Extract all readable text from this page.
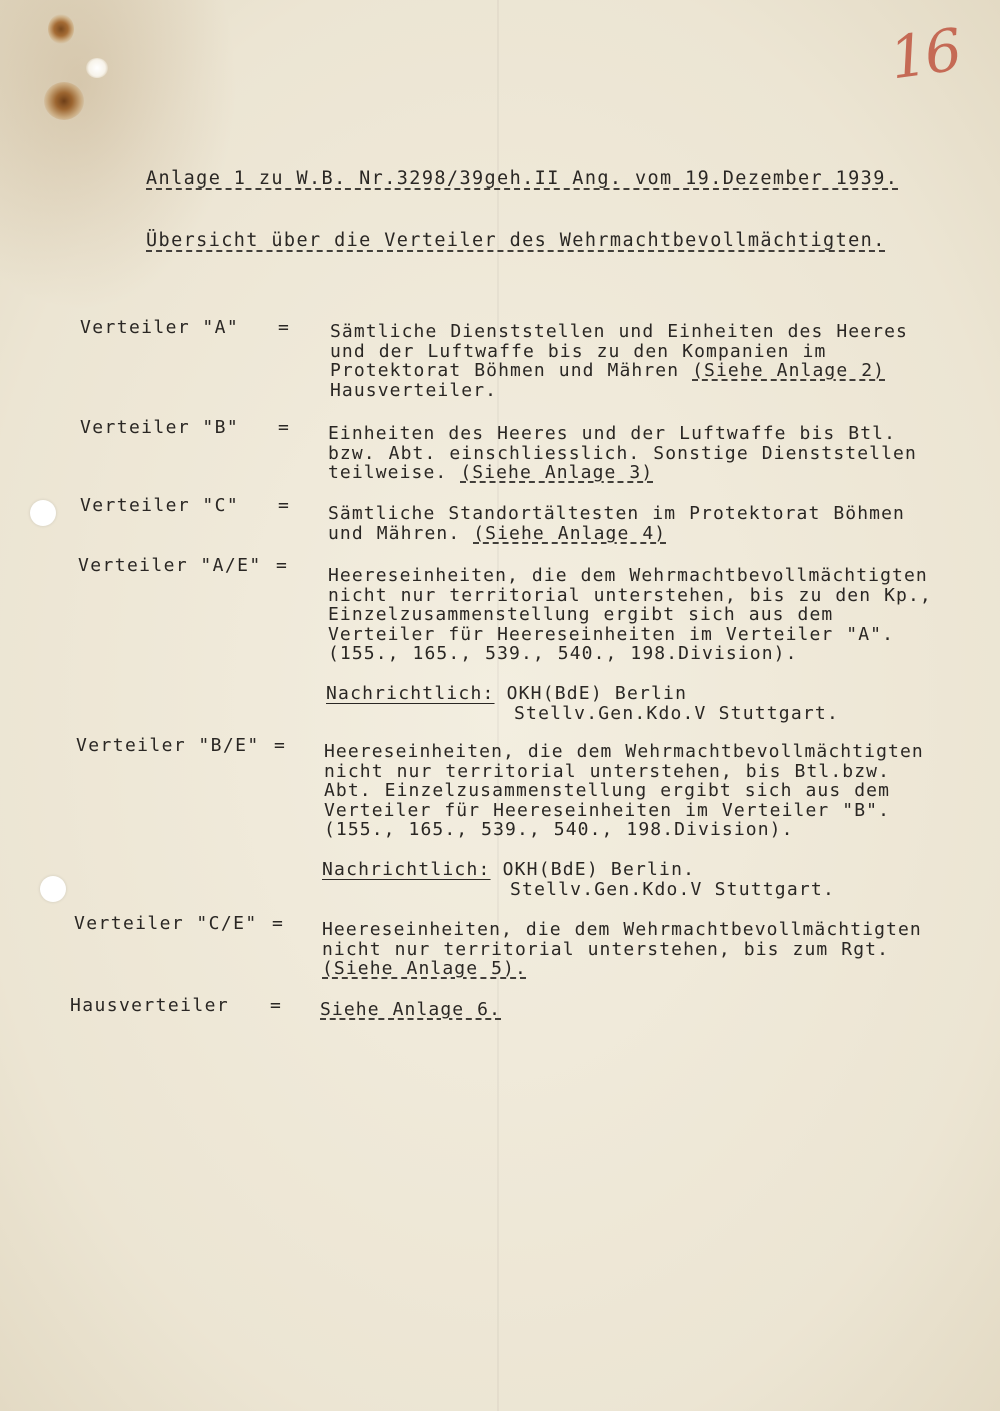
16
Anlage 1 zu W.B. Nr.3298/39geh.II Ang. vom 19.Dezember 1939.
Übersicht über die Verteiler des Wehrmachtbevollmächtigten.
Verteiler "A" = Sämtliche Dienststellen und Einheiten des Heeres und der Luftwaffe bis zu den Kompanien im Protektorat Böhmen und Mähren (Siehe Anlage 2) Hausverteiler.
Verteiler "B" = Einheiten des Heeres und der Luftwaffe bis Btl. bzw. Abt. einschliesslich. Sonstige Dienststellen teilweise. (Siehe Anlage 3)
Verteiler "C" = Sämtliche Standortältesten im Protektorat Böhmen und Mähren. (Siehe Anlage 4)
Verteiler "A/E" = Heereseinheiten, die dem Wehrmachtbevollmächtigten nicht nur territorial unterstehen, bis zu den Kp., Einzelzusammenstellung ergibt sich aus dem Verteiler für Heereseinheiten im Verteiler "A". (155., 165., 539., 540., 198.Division).
Nachrichtlich: OKH(BdE) Berlin
Stellv.Gen.Kdo.V Stuttgart.
Verteiler "B/E" = Heereseinheiten, die dem Wehrmachtbevollmächtigten nicht nur territorial unterstehen, bis Btl.bzw. Abt. Einzelzusammenstellung ergibt sich aus dem Verteiler für Heereseinheiten im Verteiler "B". (155., 165., 539., 540., 198.Division).
Nachrichtlich: OKH(BdE) Berlin.
Stellv.Gen.Kdo.V Stuttgart.
Verteiler "C/E" = Heereseinheiten, die dem Wehrmachtbevollmächtigten nicht nur territorial unterstehen, bis zum Rgt. (Siehe Anlage 5).
Hausverteiler = Siehe Anlage 6.
